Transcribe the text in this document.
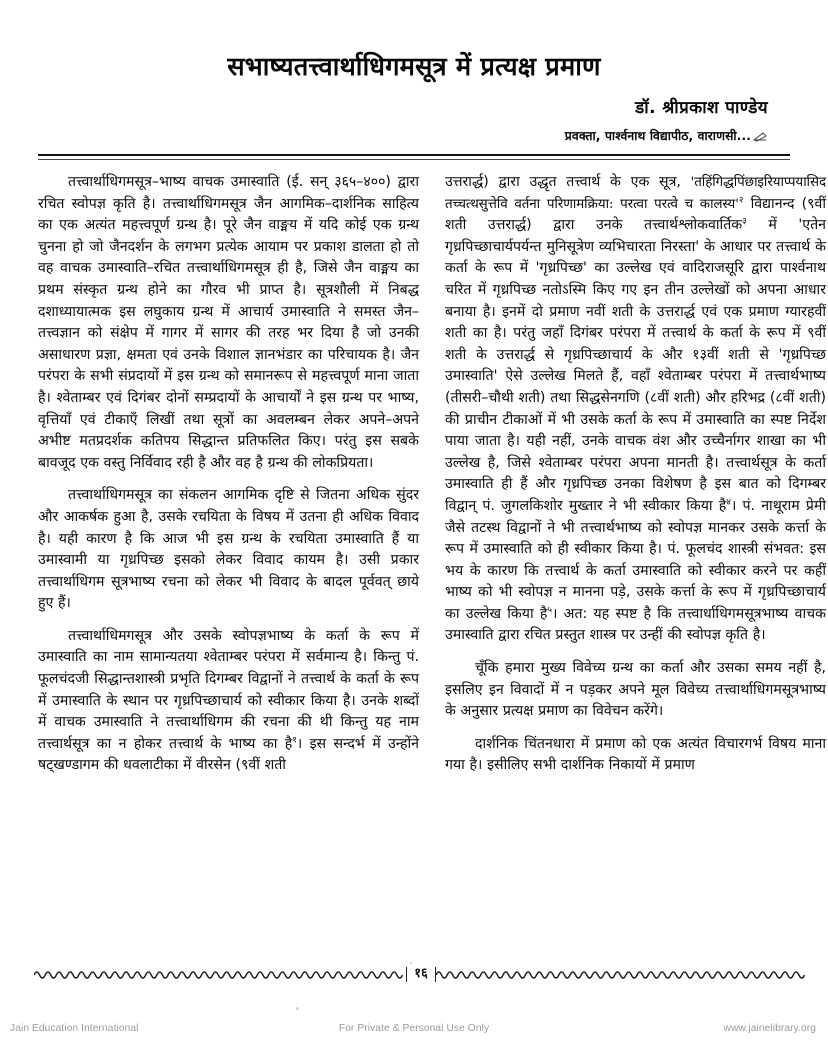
सभाष्यतत्त्वार्थाधिगमसूत्र में प्रत्यक्ष प्रमाण
डॉ. श्रीप्रकाश पाण्डेय
प्रवक्ता, पार्श्वनाथ विद्यापीठ, वाराणसी...

तत्त्वार्थाधिगमसूत्र–भाष्य वाचक उमास्वाति (ई. सन् ३६५–४००) द्वारा रचित स्वोपज्ञ कृति है। तत्त्वार्थाधिगमसूत्र जैन आगमिक–दार्शनिक साहित्य का एक अत्यंत महत्त्वपूर्ण ग्रन्थ है। पूरे जैन वाङ्मय में यदि कोई एक ग्रन्थ चुनना हो जो जैनदर्शन के लगभग प्रत्येक आयाम पर प्रकाश डालता हो तो वह वाचक उमास्वाति–रचित तत्त्वार्थाधिगमसूत्र ही है, जिसे जैन वाङ्मय का प्रथम संस्कृत ग्रन्थ होने का गौरव भी प्राप्त है। सूत्रशौली में निबद्ध दशाध्यायात्मक इस लघुकाय ग्रन्थ में आचार्य उमास्वाति ने समस्त जैन–तत्त्वज्ञान को संक्षेप में गागर में सागर की तरह भर दिया है जो उनकी असाधारण प्रज्ञा, क्षमता एवं उनके विशाल ज्ञानभंडार का परिचायक है। जैन परंपरा के सभी संप्रदायों में इस ग्रन्थ को समानरूप से महत्त्वपूर्ण माना जाता है। श्वेताम्बर एवं दिगंबर दोनों सम्प्रदायों के आचार्यों ने इस ग्रन्थ पर भाष्य, वृत्तियाँ एवं टीकाएँ लिखीं तथा सूत्रों का अवलम्बन लेकर अपने–अपने अभीष्ट मतप्रदर्शक कतिपय सिद्धान्त प्रतिफलित किए। परंतु इस सबके बावजूद एक वस्तु निर्विवाद रही है और वह है ग्रन्थ की लोकप्रियता।

तत्त्वार्थाधिगमसूत्र का संकलन आगमिक दृष्टि से जितना अधिक सुंदर और आकर्षक हुआ है, उसके रचयिता के विषय में उतना ही अधिक विवाद है। यही कारण है कि आज भी इस ग्रन्थ के रचयिता उमास्वाति हैं या उमास्वामी या गृध्रपिच्छ इसको लेकर विवाद कायम है। उसी प्रकार तत्त्वार्थाधिगम सूत्रभाष्य रचना को लेकर भी विवाद के बादल पूर्ववत् छाये हुए हैं।

तत्त्वार्थाधिमगसूत्र और उसके स्वोपज्ञभाष्य के कर्ता के रूप में उमास्वाति का नाम सामान्यतया श्वेताम्बर परंपरा में सर्वमान्य है। किन्तु पं. फूलचंदजी सिद्धान्तशास्त्री प्रभृति दिगम्बर विद्वानों ने तत्त्वार्थ के कर्ता के रूप में उमास्वाति के स्थान पर गृध्रपिच्छाचार्य को स्वीकार किया है। उनके शब्दों में वाचक उमास्वाति ने तत्त्वार्थाधिगम की रचना की थी किन्तु यह नाम तत्त्वार्थसूत्र का न होकर तत्त्वार्थ के भाष्य का है$^१$। इस सन्दर्भ में उन्होंने षट्खण्डागम की धवलाटीका में वीरसेन (९वीं शती

उत्तरार्द्ध) द्वारा उद्धृत तत्त्वार्थ के एक सूत्र, 'तहिंगिद्धपिंछाइरियाप्पयासिद तच्चत्थसुत्तेवि वर्तना परिणामक्रिया: परत्वा परत्वे च कालस्य'$^२$ विद्यानन्द (९वीं शती उत्तरार्द्ध) द्वारा उनके तत्त्वार्थश्लोकवार्तिक$^३$ में 'एतेन गृध्रपिच्छाचार्यपर्यन्त मुनिसूत्रेण व्यभिचारता निरस्ता' के आधार पर तत्त्वार्थ के कर्ता के रूप में 'गृध्रपिच्छ' का उल्लेख एवं वादिराजसूरि द्वारा पार्श्वनाथ चरित में गृध्रपिच्छ नतोऽस्मि किए गए इन तीन उल्लेखों को अपना आधार बनाया है। इनमें दो प्रमाण नवीं शती के उत्तरार्द्ध एवं एक प्रमाण ग्यारहवीं शती का है। परंतु जहाँ दिगंबर परंपरा में तत्त्वार्थ के कर्ता के रूप में ९वीं शती के उत्तरार्द्ध से गृध्रपिच्छाचार्य के और १३वीं शती से 'गृध्रपिच्छ उमास्वाति' ऐसे उल्लेख मिलते हैं, वहाँ श्वेताम्बर परंपरा में तत्त्वार्थभाष्य (तीसरी–चौथी शती) तथा सिद्धसेनगणि (८वीं शती) और हरिभद्र (८वीं शती) की प्राचीन टीकाओं में भी उसके कर्ता के रूप में उमास्वाति का स्पष्ट निर्देश पाया जाता है। यही नहीं, उनके वाचक वंश और उच्चैर्नागर शाखा का भी उल्लेख है, जिसे श्वेताम्बर परंपरा अपना मानती है। तत्त्वार्थसूत्र के कर्ता उमास्वाति ही हैं और गृध्रपिच्छ उनका विशेषण है इस बात को दिगम्बर विद्वान् पं. जुगलकिशोर मुख्तार ने भी स्वीकार किया है$^४$। पं. नाथूराम प्रेमी जैसे तटस्थ विद्वानों ने भी तत्त्वार्थभाष्य को स्वोपज्ञ मानकर उसके कर्त्ता के रूप में उमास्वाति को ही स्वीकार किया है। पं. फूलचंद शास्त्री संभवत: इस भय के कारण कि तत्त्वार्थ के कर्ता उमास्वाति को स्वीकार करने पर कहीं भाष्य को भी स्वोपज्ञ न मानना पड़े, उसके कर्त्ता के रूप में गृध्रपिच्छाचार्य का उल्लेख किया है$^५$। अत: यह स्पष्ट है कि तत्त्वार्धाधिगमसूत्रभाष्य वाचक उमास्वाति द्वारा रचित प्रस्तुत शास्त्र पर उन्हीं की स्वोपज्ञ कृति है।

चूँकि हमारा मुख्य विवेच्य ग्रन्थ का कर्ता और उसका समय नहीं है, इसलिए इन विवादों में न पड़कर अपने मूल विवेच्य तत्त्वार्थाधिगमसूत्रभाष्य के अनुसार प्रत्यक्ष प्रमाण का विवेचन करेंगे।

दार्शनिक चिंतनधारा में प्रमाण को एक अत्यंत विचारगर्भ विषय माना गया है। इसीलिए सभी दार्शनिक निकायों में प्रमाण

१६
Jain Education International	For Private & Personal Use Only	www.jainelibrary.org
